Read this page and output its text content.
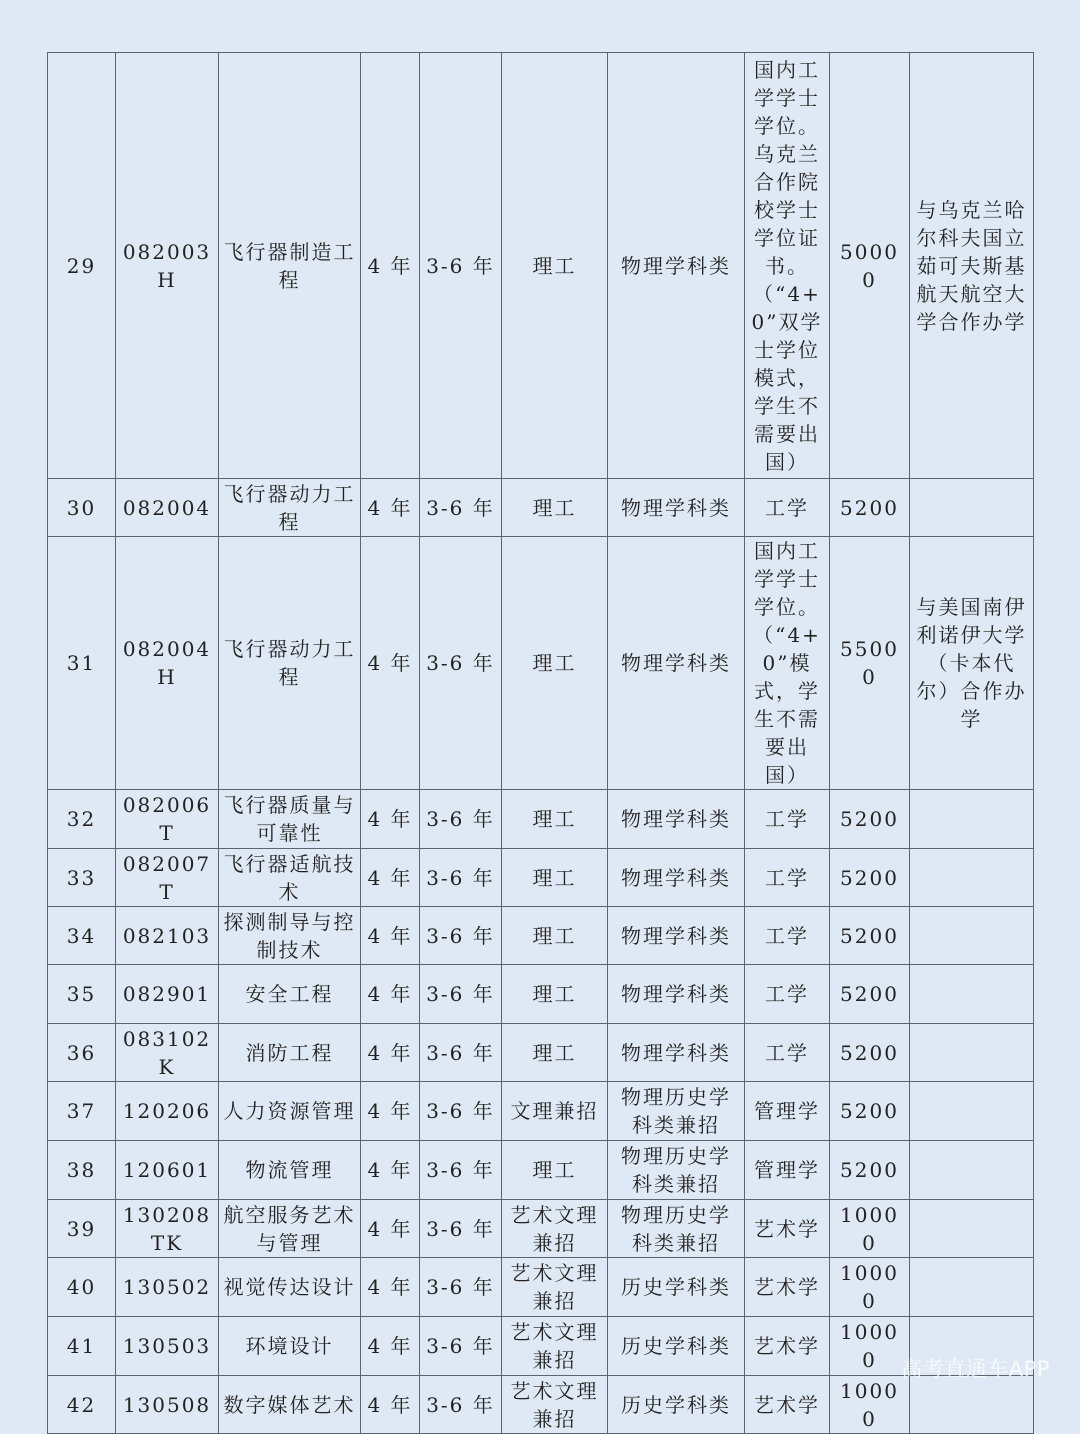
29	082003H	飞行器制造工程	4 年	3-6 年	理工	物理学科类	国内工学学士学位。乌克兰合作院校学士学位证书。（“4+0”双学士学位模式，学生不需要出国）	50000	与乌克兰哈尔科夫国立茹可夫斯基航天航空大学合作办学
30	082004	飞行器动力工程	4 年	3-6 年	理工	物理学科类	工学	5200	
31	082004H	飞行器动力工程	4 年	3-6 年	理工	物理学科类	国内工学学士学位。（“4+0”模式，学生不需要出国）	55000	与美国南伊利诺伊大学（卡本代尔）合作办学
32	082006T	飞行器质量与可靠性	4 年	3-6 年	理工	物理学科类	工学	5200	
33	082007T	飞行器适航技术	4 年	3-6 年	理工	物理学科类	工学	5200	
34	082103	探测制导与控制技术	4 年	3-6 年	理工	物理学科类	工学	5200	
35	082901	安全工程	4 年	3-6 年	理工	物理学科类	工学	5200	
36	083102K	消防工程	4 年	3-6 年	理工	物理学科类	工学	5200	
37	120206	人力资源管理	4 年	3-6 年	文理兼招	物理历史学科类兼招	管理学	5200	
38	120601	物流管理	4 年	3-6 年	理工	物理历史学科类兼招	管理学	5200	
39	130208TK	航空服务艺术与管理	4 年	3-6 年	艺术文理兼招	物理历史学科类兼招	艺术学	10000	
40	130502	视觉传达设计	4 年	3-6 年	艺术文理兼招	历史学科类	艺术学	10000	
41	130503	环境设计	4 年	3-6 年	艺术文理兼招	历史学科类	艺术学	10000	
42	130508	数字媒体艺术	4 年	3-6 年	艺术文理兼招	历史学科类	艺术学	10000	
高考直通车APP
